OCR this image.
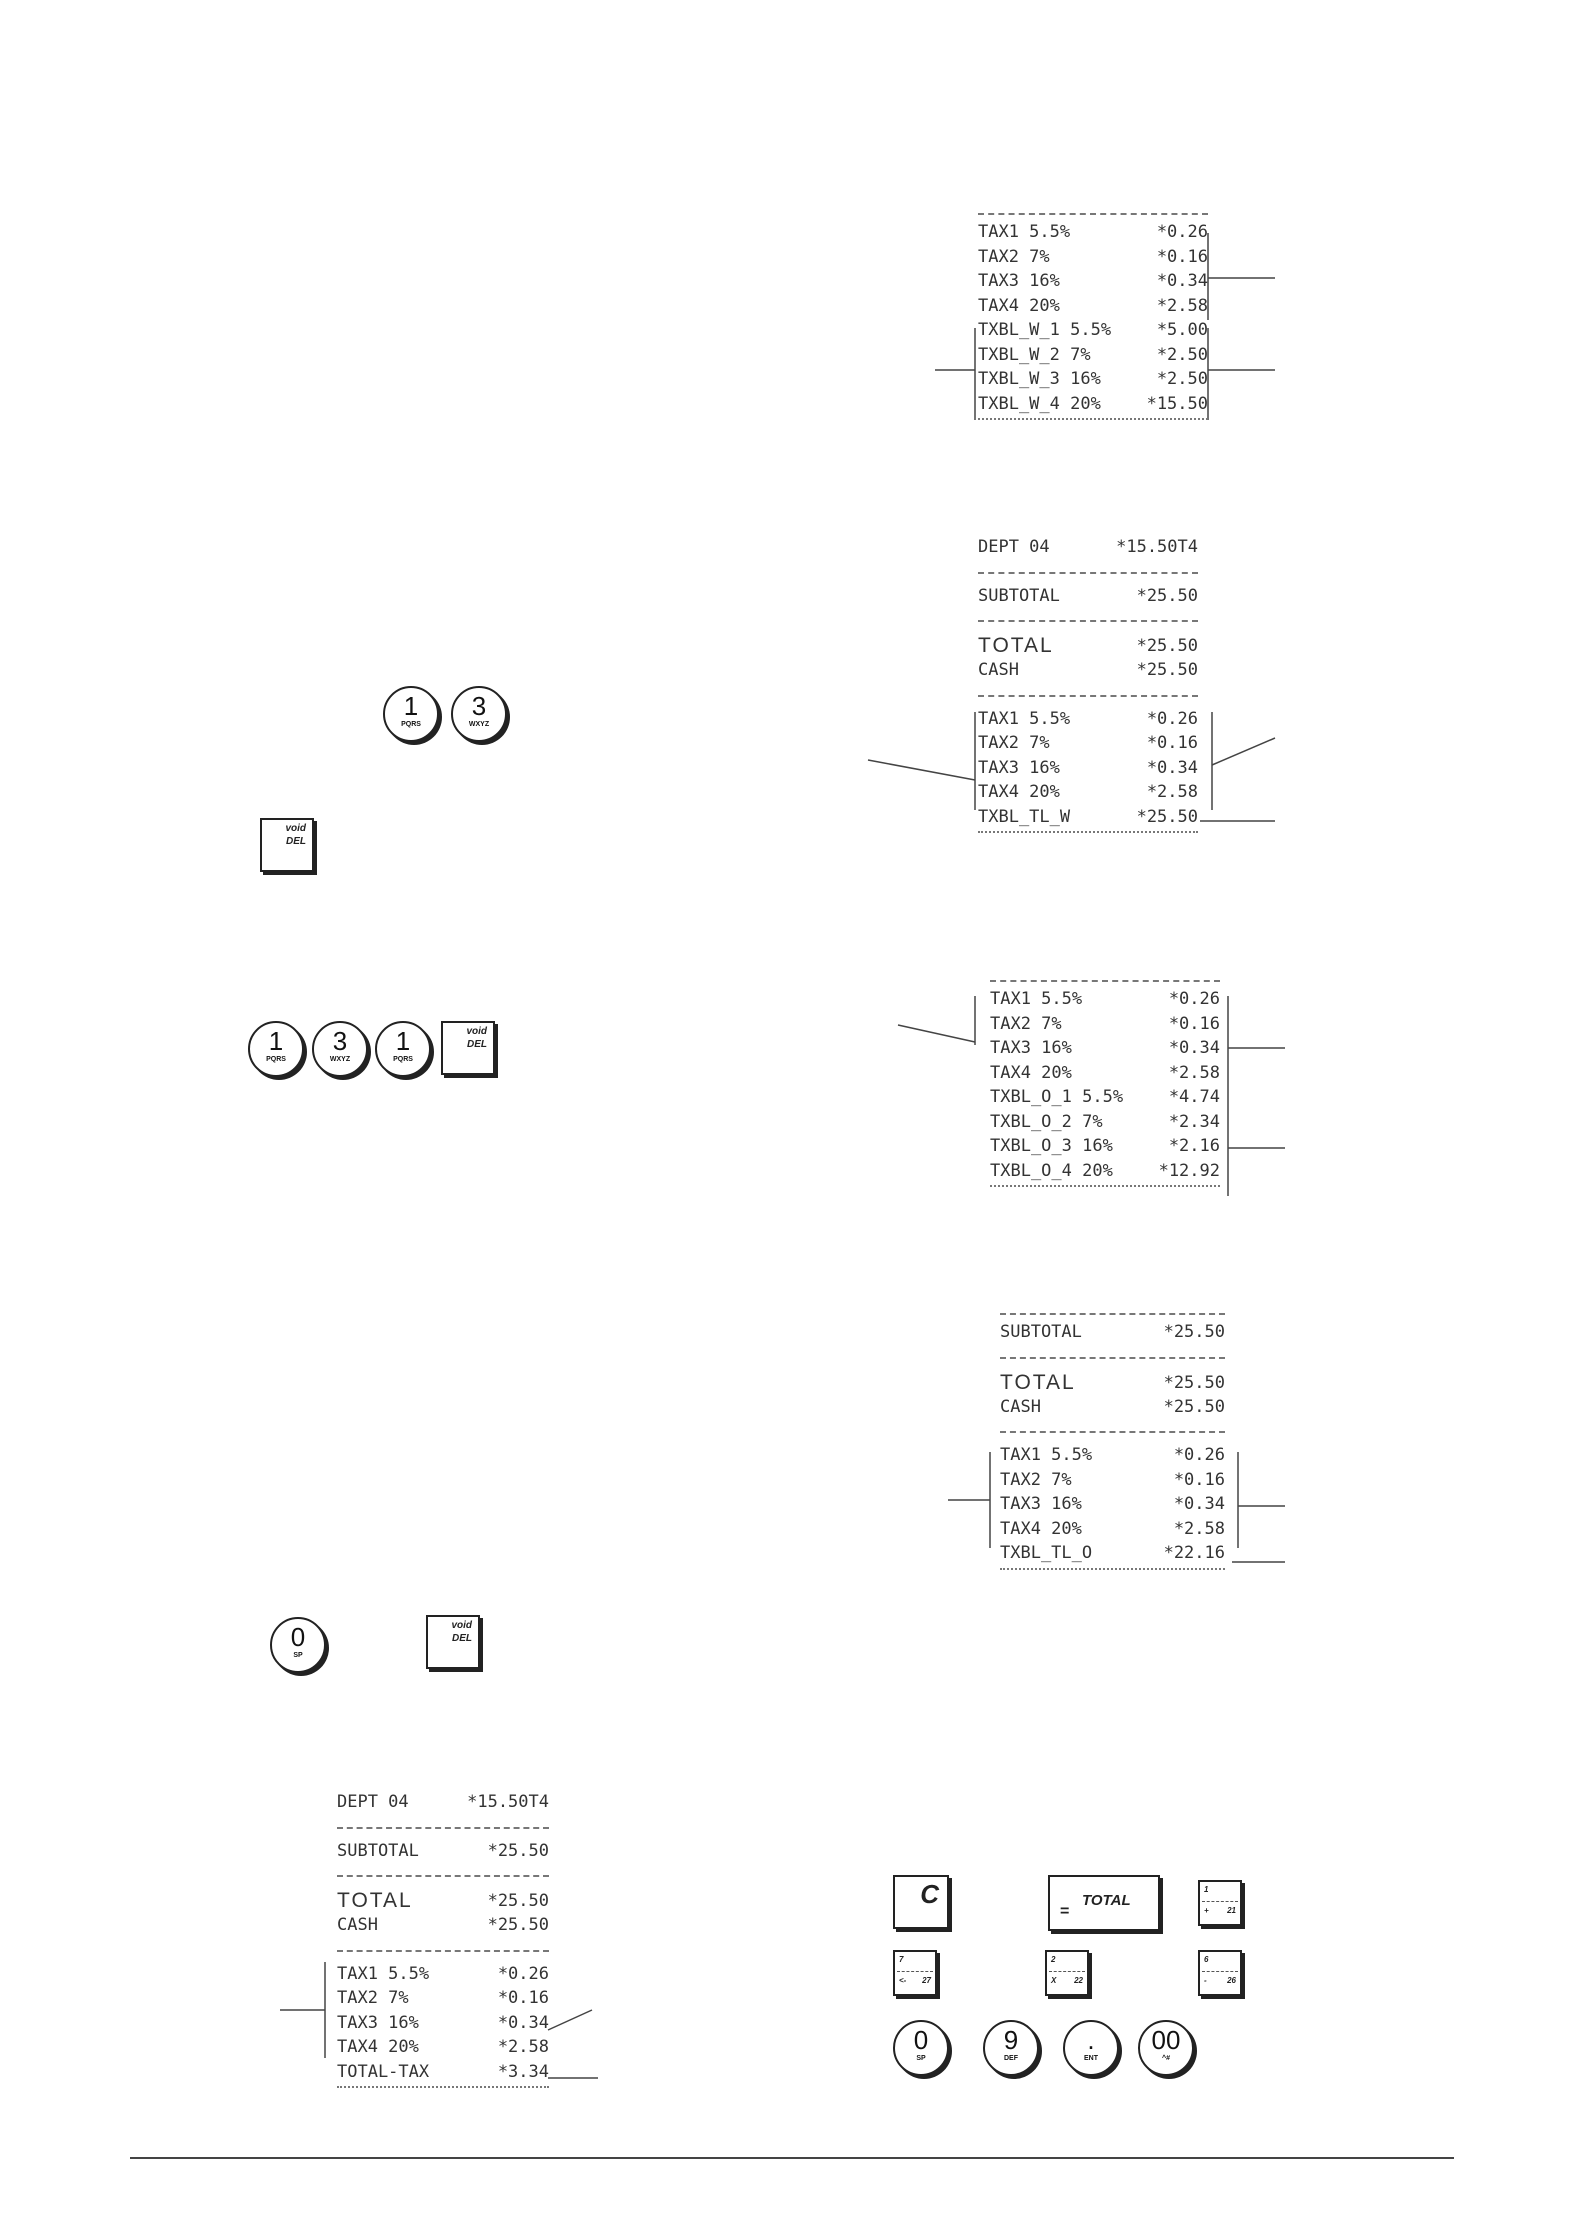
TAX1 5.5%	*0.26
TAX2 7%	*0.16
TAX3 16%	*0.34
TAX4 20%	*2.58
TXBL_W_1 5.5%	*5.00
TXBL_W_2 7%	*2.50
TXBL_W_3 16%	*2.50
TXBL_W_4 20%	*15.50
DEPT 04	*15.50T4
SUBTOTAL	*25.50
TOTAL	*25.50
CASH	*25.50
TAX1 5.5%	*0.26
TAX2 7%	*0.16
TAX3 16%	*0.34
TAX4 20%	*2.58
TXBL_TL_W	*25.50
TAX1 5.5%	*0.26
TAX2 7%	*0.16
TAX3 16%	*0.34
TAX4 20%	*2.58
TXBL_O_1 5.5%	*4.74
TXBL_O_2 7%	*2.34
TXBL_O_3 16%	*2.16
TXBL_O_4 20%	*12.92
SUBTOTAL	*25.50
TOTAL	*25.50
CASH	*25.50
TAX1 5.5%	*0.26
TAX2 7%	*0.16
TAX3 16%	*0.34
TAX4 20%	*2.58
TXBL_TL_O	*22.16
DEPT 04	*15.50T4
SUBTOTAL	*25.50
TOTAL	*25.50
CASH	*25.50
TAX1 5.5%	*0.26
TAX2 7%	*0.16
TAX3 16%	*0.34
TAX4 20%	*2.58
TOTAL-TAX	*3.34
1
PQRS
3
WXYZ
void
DEL
1
PQRS
3
WXYZ
1
PQRS
void
DEL
0
SP
void
DEL
C	TOTAL
=
1
+ 21
7
<- 27
2
X 22
6
-	26
0
SP
9
DEF
.
ENT
00
^#
